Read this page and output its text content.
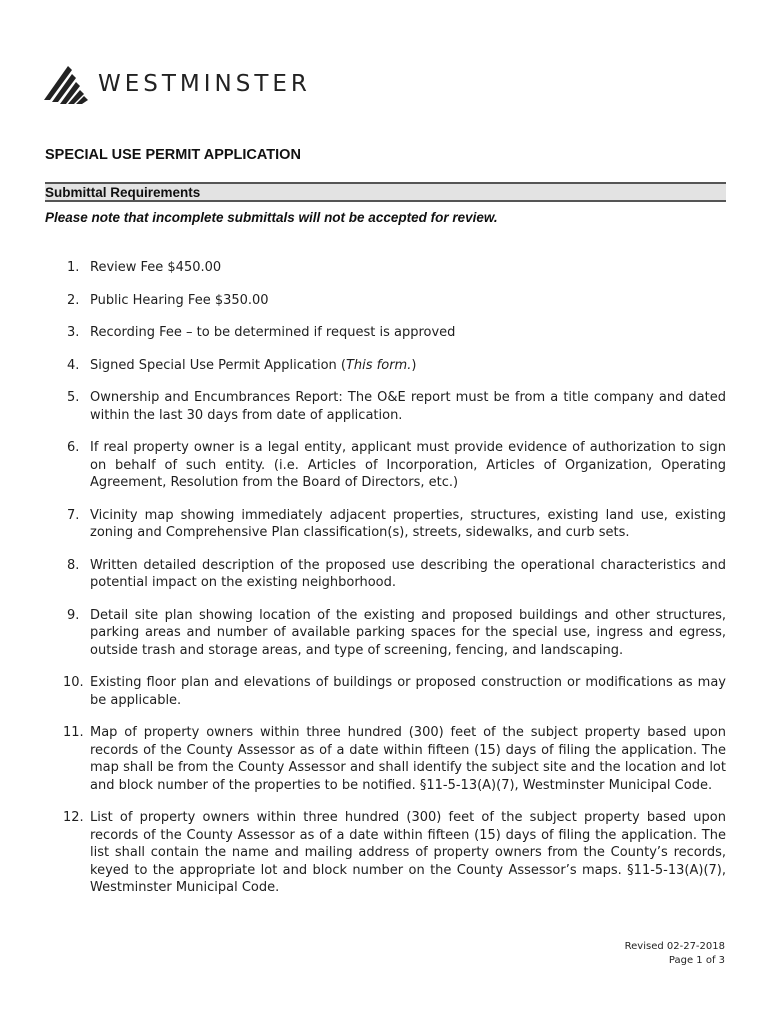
WESTMINSTER
SPECIAL USE PERMIT APPLICATION
Submittal Requirements
Please note that incomplete submittals will not be accepted for review.
1. Review Fee $450.00
2. Public Hearing Fee $350.00
3. Recording Fee – to be determined if request is approved
4. Signed Special Use Permit Application (This form.)
5. Ownership and Encumbrances Report: The O&E report must be from a title company and dated within the last 30 days from date of application.
6. If real property owner is a legal entity, applicant must provide evidence of authorization to sign on behalf of such entity. (i.e. Articles of Incorporation, Articles of Organization, Operating Agreement, Resolution from the Board of Directors, etc.)
7. Vicinity map showing immediately adjacent properties, structures, existing land use, existing zoning and Comprehensive Plan classification(s), streets, sidewalks, and curb sets.
8. Written detailed description of the proposed use describing the operational characteristics and potential impact on the existing neighborhood.
9. Detail site plan showing location of the existing and proposed buildings and other structures, parking areas and number of available parking spaces for the special use, ingress and egress, outside trash and storage areas, and type of screening, fencing, and landscaping.
10. Existing floor plan and elevations of buildings or proposed construction or modifications as may be applicable.
11. Map of property owners within three hundred (300) feet of the subject property based upon records of the County Assessor as of a date within fifteen (15) days of filing the application. The map shall be from the County Assessor and shall identify the subject site and the location and lot and block number of the properties to be notified. §11-5-13(A)(7), Westminster Municipal Code.
12. List of property owners within three hundred (300) feet of the subject property based upon records of the County Assessor as of a date within fifteen (15) days of filing the application. The list shall contain the name and mailing address of property owners from the County’s records, keyed to the appropriate lot and block number on the County Assessor’s maps. §11-5-13(A)(7), Westminster Municipal Code.
Revised 02-27-2018
Page 1 of 3
